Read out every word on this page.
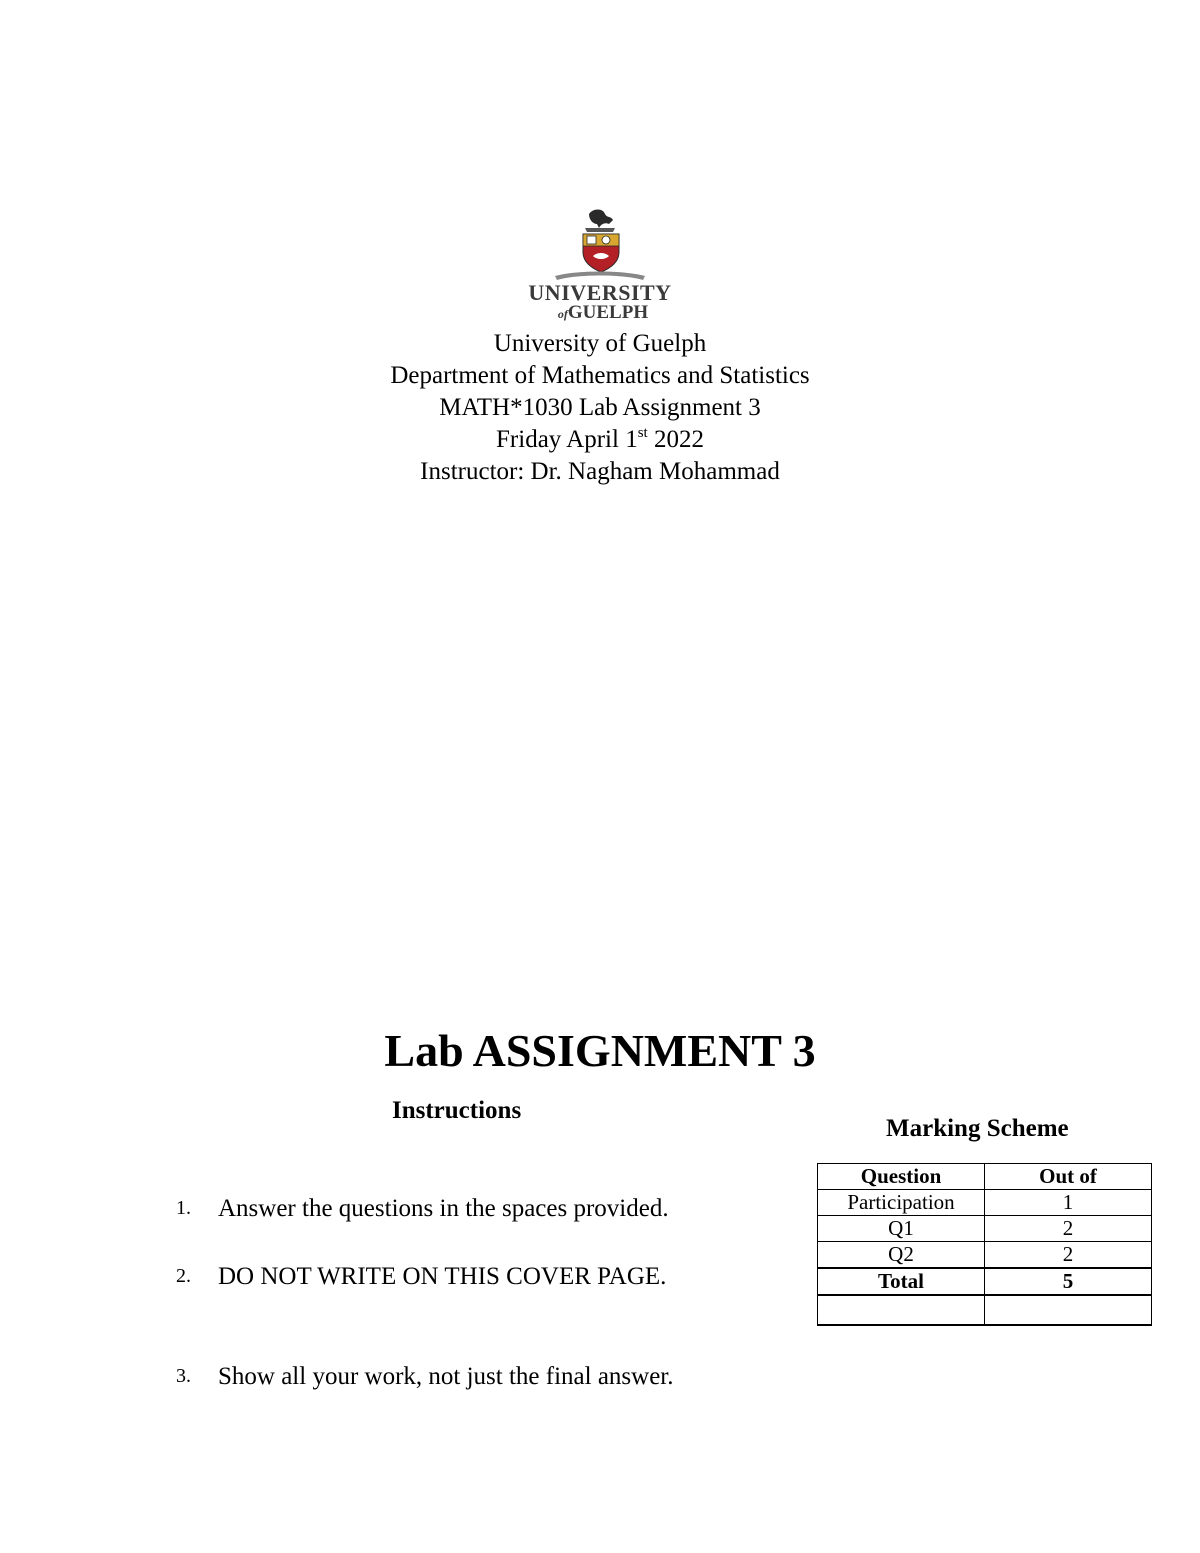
UNIVERSITY
ofGUELPH
University of Guelph
Department of Mathematics and Statistics
MATH*1030 Lab Assignment 3
Friday April 1st 2022
Instructor: Dr. Nagham Mohammad
Lab ASSIGNMENT 3
Instructions
1. Answer the questions in the spaces provided.
2. DO NOT WRITE ON THIS COVER PAGE.
3. Show all your work, not just the final answer.
Marking Scheme
Question	Out of
Participation	1
Q1	2
Q2	2
Total	5
